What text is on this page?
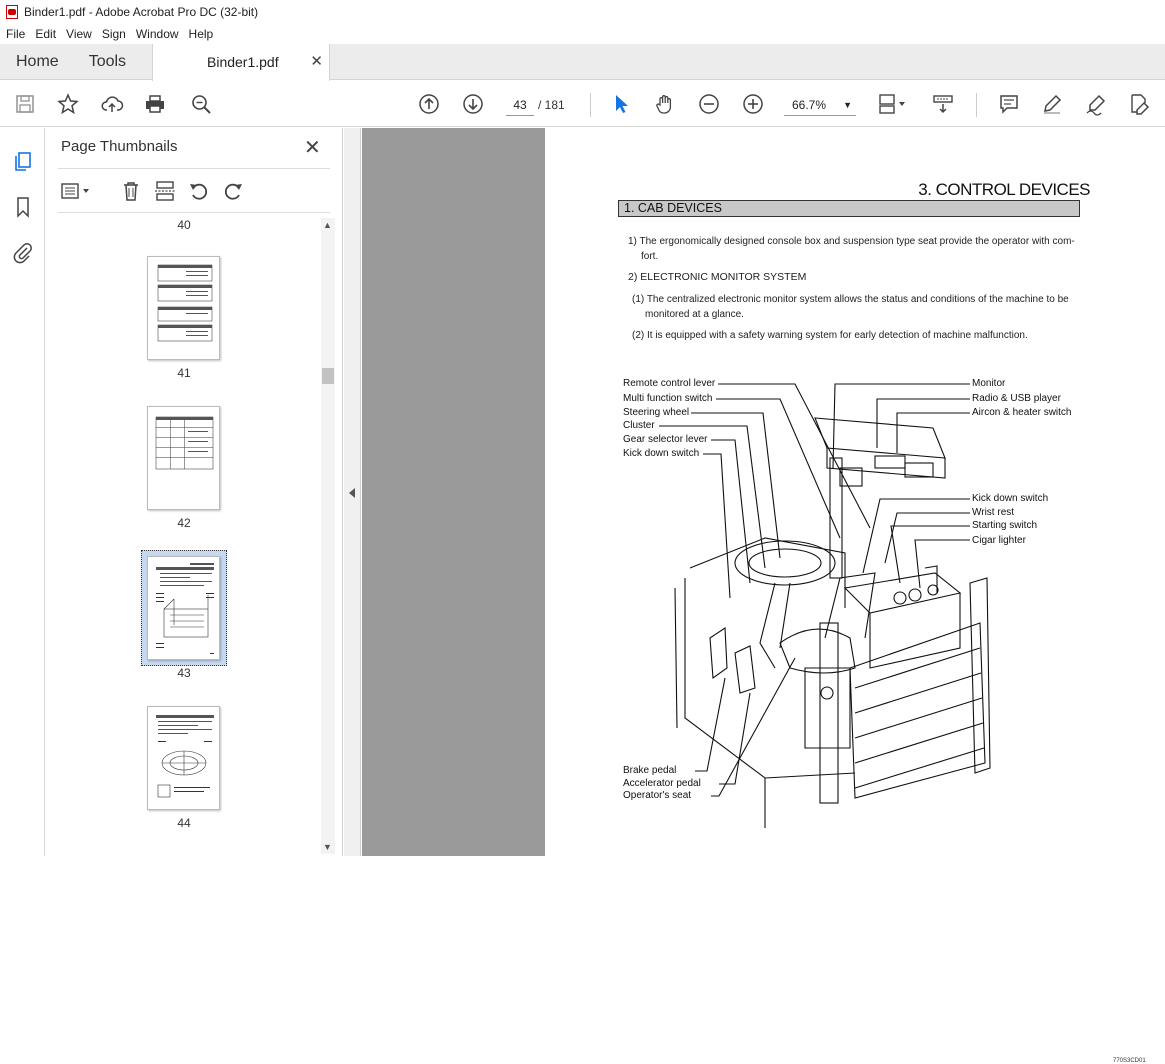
Binder1.pdf - Adobe Acrobat Pro DC (32-bit)
File Edit View Sign Window Help
Home	Tools	Binder1.pdf ✕
43 / 181	66.7% ▼
Page Thumbnails	✕
40
41
42
43
44
▲
▼
3. CONTROL DEVICES
1. CAB DEVICES
1) The ergonomically designed console box and suspension type seat provide the operator with com-
fort.
2) ELECTRONIC MONITOR SYSTEM
(1) The centralized electronic monitor system allows the status and conditions of the machine to be
monitored at a glance.
(2) It is equipped with a safety warning system for early detection of machine malfunction.
Remote control lever
Multi function switch
Steering wheel
Cluster
Gear selector lever
Kick down switch
Monitor
Radio & USB player
Aircon & heater switch
Kick down switch
Wrist rest
Starting switch
Cigar lighter
Brake pedal
Accelerator pedal
Operator's seat
770S3CD01
